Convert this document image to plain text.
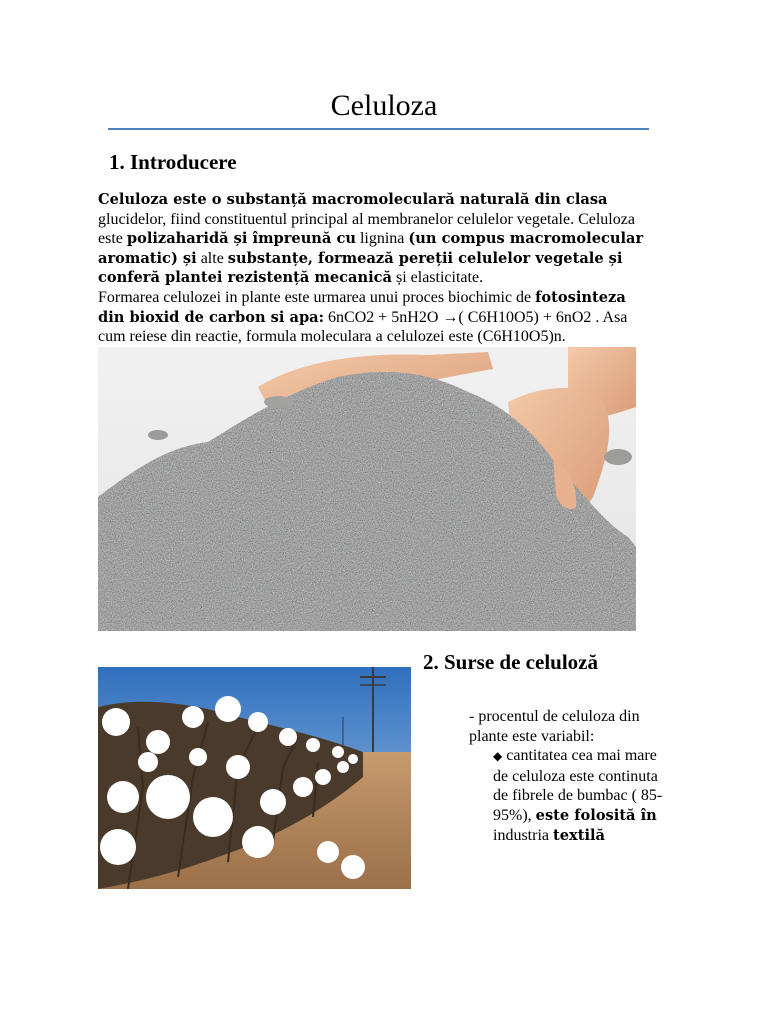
Celuloza
1. Introducere

Celuloza este o substanță macromoleculară naturală din clasa glucidelor, fiind constituentul principal al membranelor celulelor vegetale. Celuloza este polizaharidă și împreună cu lignina (un compus macromolecular aromatic) și alte substanțe, formează pereții celulelor vegetale și conferă plantei rezistență mecanică și elasticitate.

Formarea celulozei in plante este urmarea unui proces biochimic de fotosinteza din bioxid de carbon si apa: 6nCO2 + 5nH2O →( C6H10O5) + 6nO2 . Asa cum reiese din reactie, formula moleculara a celulozei este (C6H10O5)n.

2. Surse de celuloză

- procentul de celuloza din plante este variabil:

◆ cantitatea cea mai mare de celuloza este continuta de fibrele de bumbac ( 85-95%), este folosită în industria textilă
